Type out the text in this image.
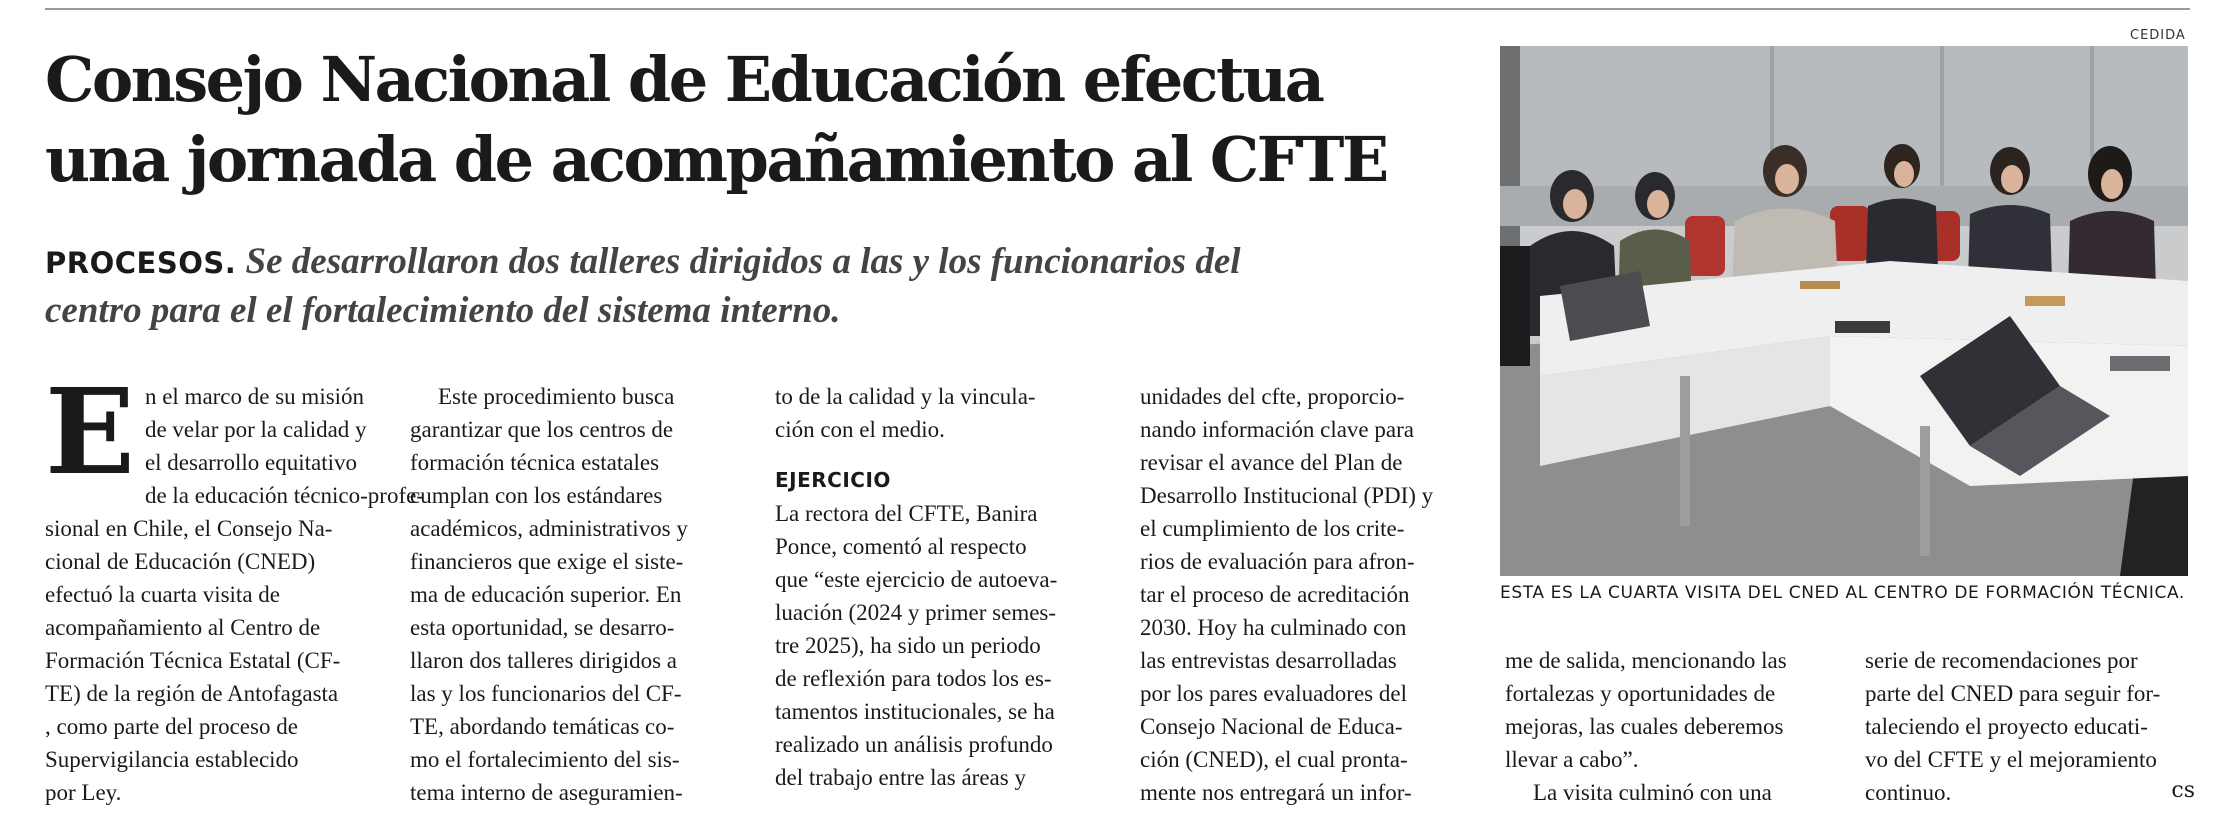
Consejo Nacional de Educación efectua
una jornada de acompañamiento al CFTE
PROCESOS. Se desarrollaron dos talleres dirigidos a las y los funcionarios del
centro para el el fortalecimiento del sistema interno.
E n el marco de su misión
de velar por la calidad y
el desarrollo equitativo
de la educación técnico-profe-
sional en Chile, el Consejo Na-
cional de Educación (CNED)
efectuó la cuarta visita de
acompañamiento al Centro de
Formación Técnica Estatal (CF-
TE) de la región de Antofagasta
, como parte del proceso de
Supervigilancia establecido
por Ley.
Este procedimiento busca
garantizar que los centros de
formación técnica estatales
cumplan con los estándares
académicos, administrativos y
financieros que exige el siste-
ma de educación superior. En
esta oportunidad, se desarro-
llaron dos talleres dirigidos a
las y los funcionarios del CF-
TE, abordando temáticas co-
mo el fortalecimiento del sis-
tema interno de aseguramien-
to de la calidad y la vincula-
ción con el medio.
EJERCICIO
La rectora del CFTE, Banira
Ponce, comentó al respecto
que “este ejercicio de autoeva-
luación (2024 y primer semes-
tre 2025), ha sido un periodo
de reflexión para todos los es-
tamentos institucionales, se ha
realizado un análisis profundo
del trabajo entre las áreas y
unidades del cfte, proporcio-
nando información clave para
revisar el avance del Plan de
Desarrollo Institucional (PDI) y
el cumplimiento de los crite-
rios de evaluación para afron-
tar el proceso de acreditación
2030. Hoy ha culminado con
las entrevistas desarrolladas
por los pares evaluadores del
Consejo Nacional de Educa-
ción (CNED), el cual pronta-
mente nos entregará un infor-
me de salida, mencionando las
fortalezas y oportunidades de
mejoras, las cuales deberemos
llevar a cabo”.
La visita culminó con una
serie de recomendaciones por
parte del CNED para seguir for-
taleciendo el proyecto educati-
vo del CFTE y el mejoramiento
continuo.	cs
CEDIDA
ESTA ES LA CUARTA VISITA DEL CNED AL CENTRO DE FORMACIÓN TÉCNICA.
